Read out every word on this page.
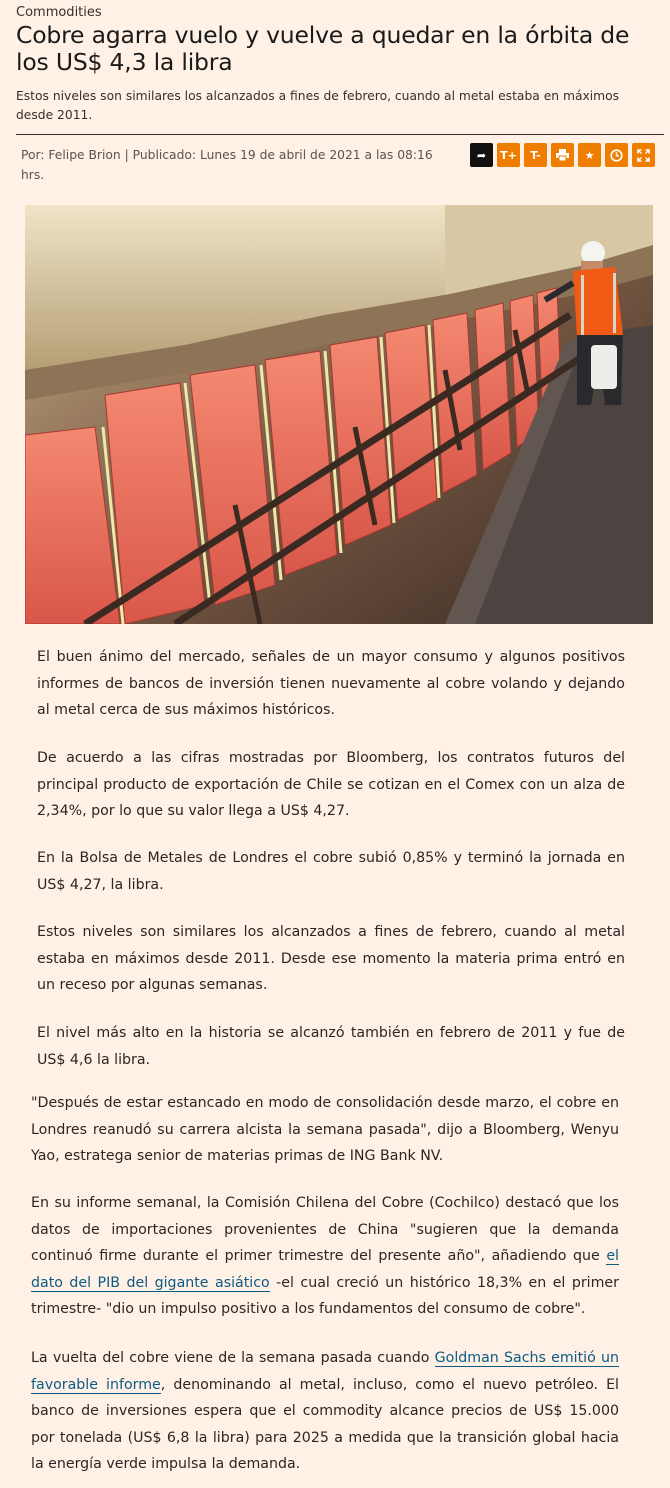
Commodities
Cobre agarra vuelo y vuelve a quedar en la órbita de los US$ 4,3 la libra
Estos niveles son similares los alcanzados a fines de febrero, cuando al metal estaba en máximos desde 2011.
Por: Felipe Brion | Publicado: Lunes 19 de abril de 2021 a las 08:16 hrs.
➦ T+	T-	★

El buen ánimo del mercado, señales de un mayor consumo y algunos positivos informes de bancos de inversión tienen nuevamente al cobre volando y dejando al metal cerca de sus máximos históricos.

De acuerdo a las cifras mostradas por Bloomberg, los contratos futuros del principal producto de exportación de Chile se cotizan en el Comex con un alza de 2,34%, por lo que su valor llega a US$ 4,27.

En la Bolsa de Metales de Londres el cobre subió 0,85% y terminó la jornada en US$ 4,27, la libra.

Estos niveles son similares los alcanzados a fines de febrero, cuando al metal estaba en máximos desde 2011. Desde ese momento la materia prima entró en un receso por algunas semanas.

El nivel más alto en la historia se alcanzó también en febrero de 2011 y fue de US$ 4,6 la libra.

"Después de estar estancado en modo de consolidación desde marzo, el cobre en Londres reanudó su carrera alcista la semana pasada", dijo a Bloomberg, Wenyu Yao, estratega senior de materias primas de ING Bank NV.

En su informe semanal, la Comisión Chilena del Cobre (Cochilco) destacó que los datos de importaciones provenientes de China "sugieren que la demanda continuó firme durante el primer trimestre del presente año", añadiendo que el dato del PIB del gigante asiático -el cual creció un histórico 18,3% en el primer trimestre- "dio un impulso positivo a los fundamentos del consumo de cobre".

La vuelta del cobre viene de la semana pasada cuando Goldman Sachs emitió un favorable informe, denominando al metal, incluso, como el nuevo petróleo. El banco de inversiones espera que el commodity alcance precios de US$ 15.000 por tonelada (US$ 6,8 la libra) para 2025 a medida que la transición global hacia la energía verde impulsa la demanda.
